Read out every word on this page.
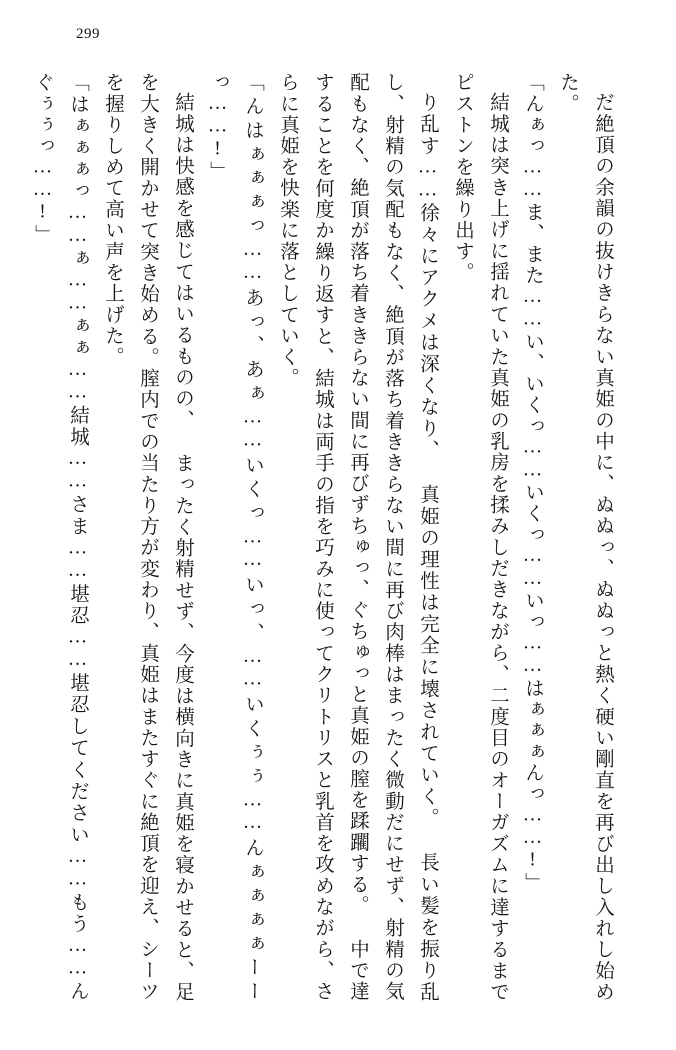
299

だ絶頂の余韻の抜けきらない真姫の中に、ぬぬっ、ぬぬっと熱く硬い剛直を再び出し入れし始めた。

「んぁっ……ま、また……い、いくっ……いくっ……いっ……はぁぁぁんっ……!」

結城は突き上げに揺れていた真姫の乳房を揉みしだきながら、二度目のオーガズムに達するまでピストンを繰り出す。

り乱す……徐々にアクメは深くなり、 真姫の理性は完全に壊されていく。 長い髪を振り乱し、射精の気配もなく、絶頂が落ち着ききらない間に再び肉棒はまったく微動だにせず、射精の気配もなく、絶頂が落ち着ききらない間に再びずちゅっ、ぐちゅっと真姫の膣を蹂躙する。 中で達することを何度か繰り返すと、結城は両手の指を巧みに使ってクリトリスと乳首を攻めながら、さらに真姫を快楽に落としていく。

「んはぁぁぁっ……あっ、あぁ……いくっ……いっ、……いくぅぅ……んぁぁぁぁーーっ……!」

結城は快感を感じてはいるものの、 まったく射精せず、今度は横向きに真姫を寝かせると、足を大きく開かせて突き始める。膣内での当たり方が変わり、真姫はまたすぐに絶頂を迎え、シーツを握りしめて高い声を上げた。

「はぁぁぁっ……ぁ……ぁぁ……結城……さま……堪忍……堪忍してください……もう……んぐぅぅっ……!」
